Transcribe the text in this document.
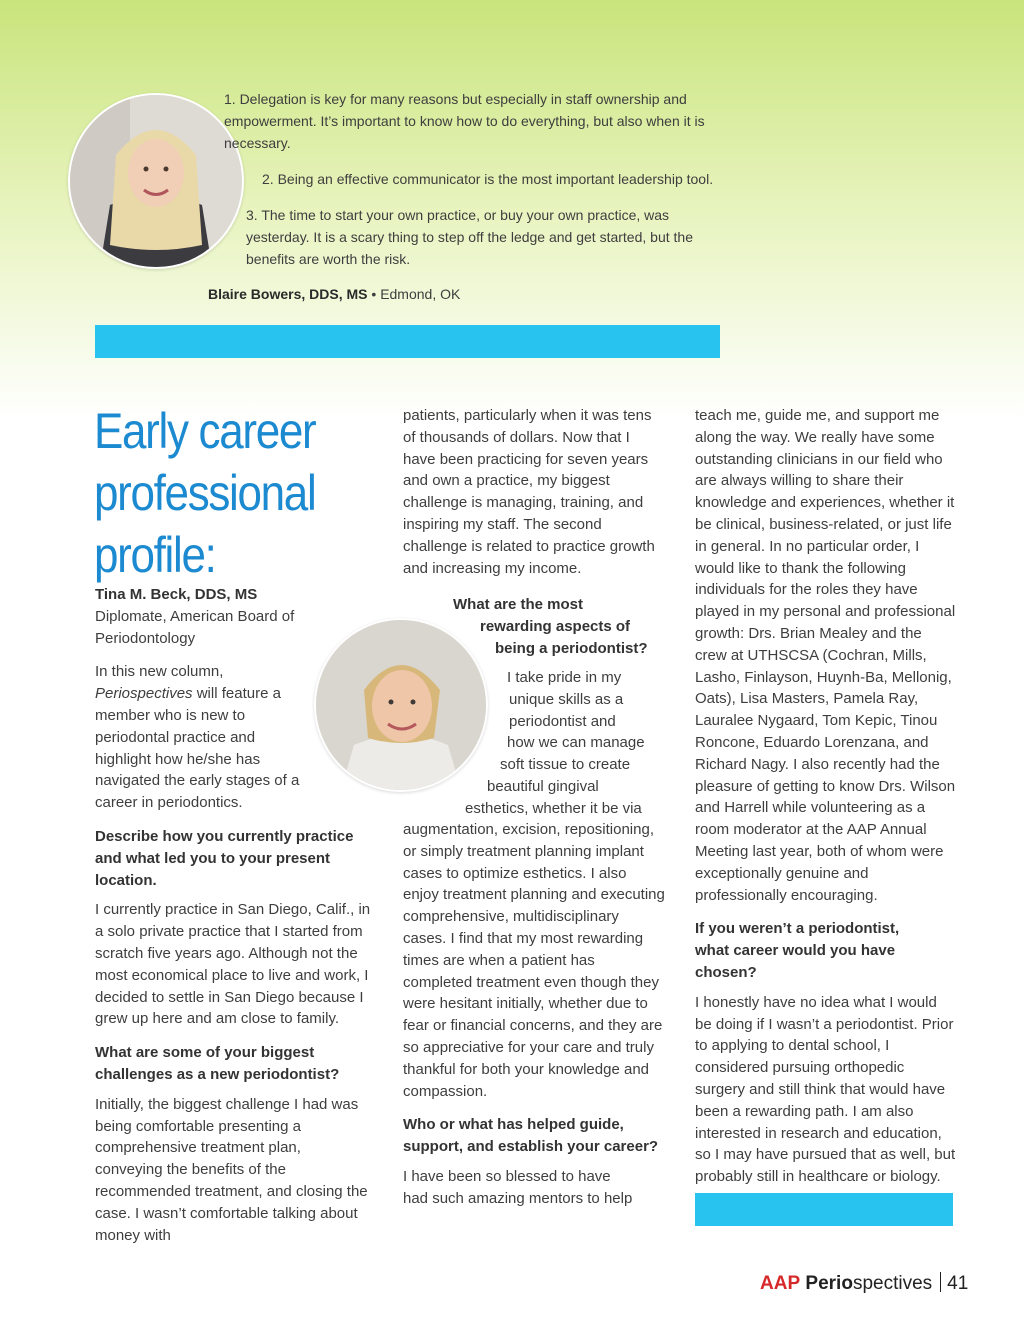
1. Delegation is key for many reasons but especially in staff ownership and empowerment. It’s important to know how to do everything, but also when it is necessary.

2. Being an effective communicator is the most important leadership tool.

3. The time to start your own practice, or buy your own practice, was yesterday. It is a scary thing to step off the ledge and get started, but the benefits are worth the risk.

Blaire Bowers, DDS, MS • Edmond, OK

Early career

professional

profile:

Tina M. Beck, DDS, MS

Diplomate, American Board of

Periodontology

In this new column, Periospectives will feature a member who is new to periodontal practice and highlight how he/she has navigated the early stages of a career in periodontics.

Describe how you currently practice and what led you to your present location.

I currently practice in San Diego, Calif., in a solo private practice that I started from scratch five years ago. Although not the most economical place to live and work, I decided to settle in San Diego because I grew up here and am close to family.

What are some of your biggest challenges as a new periodontist?

Initially, the biggest challenge I had was being comfortable presenting a comprehensive treatment plan, conveying the benefits of the recommended treatment, and closing the case. I wasn’t comfortable talking about money with

patients, particularly when it was tens of thousands of dollars. Now that I have been practicing for seven years and own a practice, my biggest challenge is managing, training, and inspiring my staff. The second challenge is related to practice growth and increasing my income.

What are the most
rewarding aspects of
being a periodontist?
I take pride in my
unique skills as a
periodontist and
how we can manage
soft tissue to create
beautiful gingival
esthetics, whether it be via

augmentation, excision, repositioning, or simply treatment planning implant cases to optimize esthetics. I also enjoy treatment planning and executing comprehensive, multidisciplinary cases. I find that my most rewarding times are when a patient has completed treatment even though they were hesitant initially, whether due to fear or financial concerns, and they are so appreciative for your care and truly thankful for both your knowledge and compassion.

Who or what has helped guide, support, and establish your career?

I have been so blessed to have had such amazing mentors to help

teach me, guide me, and support me along the way. We really have some outstanding clinicians in our field who are always willing to share their knowledge and experiences, whether it be clinical, business-related, or just life in general. In no particular order, I would like to thank the following individuals for the roles they have played in my personal and professional growth: Drs. Brian Mealey and the crew at UTHSCSA (Cochran, Mills, Lasho, Finlayson, Huynh-Ba, Mellonig, Oats), Lisa Masters, Pamela Ray, Lauralee Nygaard, Tom Kepic, Tinou Roncone, Eduardo Lorenzana, and Richard Nagy. I also recently had the pleasure of getting to know Drs. Wilson and Harrell while volunteering as a room moderator at the AAP Annual Meeting last year, both of whom were exceptionally genuine and professionally encouraging.

If you weren’t a periodontist, what career would you have chosen?

I honestly have no idea what I would be doing if I wasn’t a periodontist. Prior to applying to dental school, I considered pursuing orthopedic surgery and still think that would have been a rewarding path. I am also interested in research and education, so I may have pursued that as well, but probably still in healthcare or biology.

AAP Periospectives 41
